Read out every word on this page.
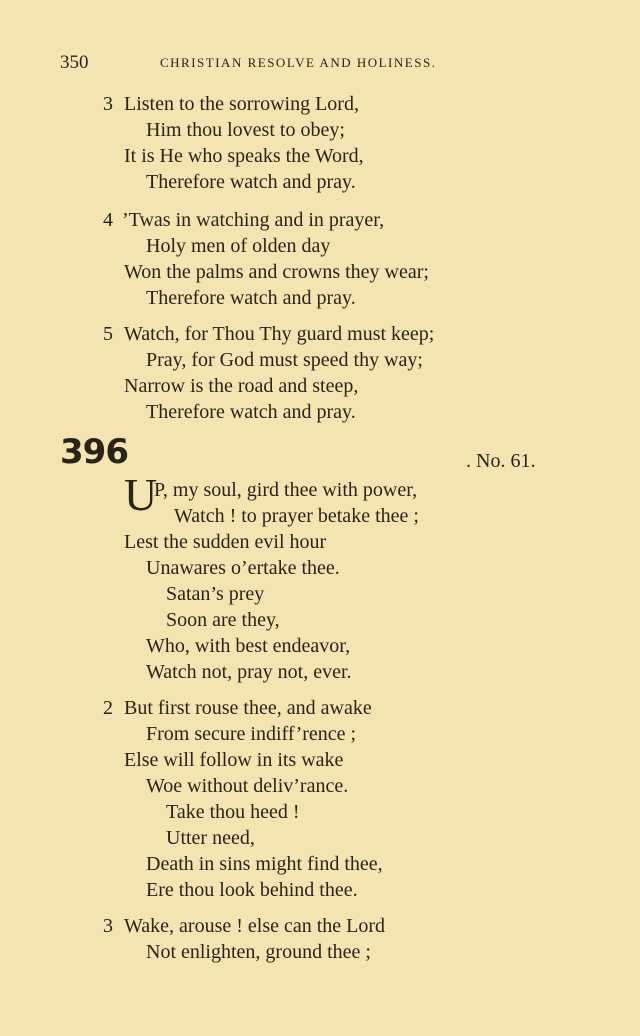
350	CHRISTIAN RESOLVE AND HOLINESS.
3 Listen to the sorrowing Lord,
Him thou lovest to obey;
It is He who speaks the Word,
Therefore watch and pray.
4 ’Twas in watching and in prayer,
Holy men of olden day
Won the palms and crowns they wear;
Therefore watch and pray.
5 Watch, for Thou Thy guard must keep;
Pray, for God must speed thy way;
Narrow is the road and steep,
Therefore watch and pray.
396	. No. 61.
U
P, my soul, gird thee with power,
Watch ! to prayer betake thee ;
Lest the sudden evil hour
Unawares o’ertake thee.
Satan’s prey
Soon are they,
Who, with best endeavor,
Watch not, pray not, ever.
2 But first rouse thee, and awake
From secure indiff’rence ;
Else will follow in its wake
Woe without deliv’rance.
Take thou heed !
Utter need,
Death in sins might find thee,
Ere thou look behind thee.
3 Wake, arouse ! else can the Lord
Not enlighten, ground thee ;
